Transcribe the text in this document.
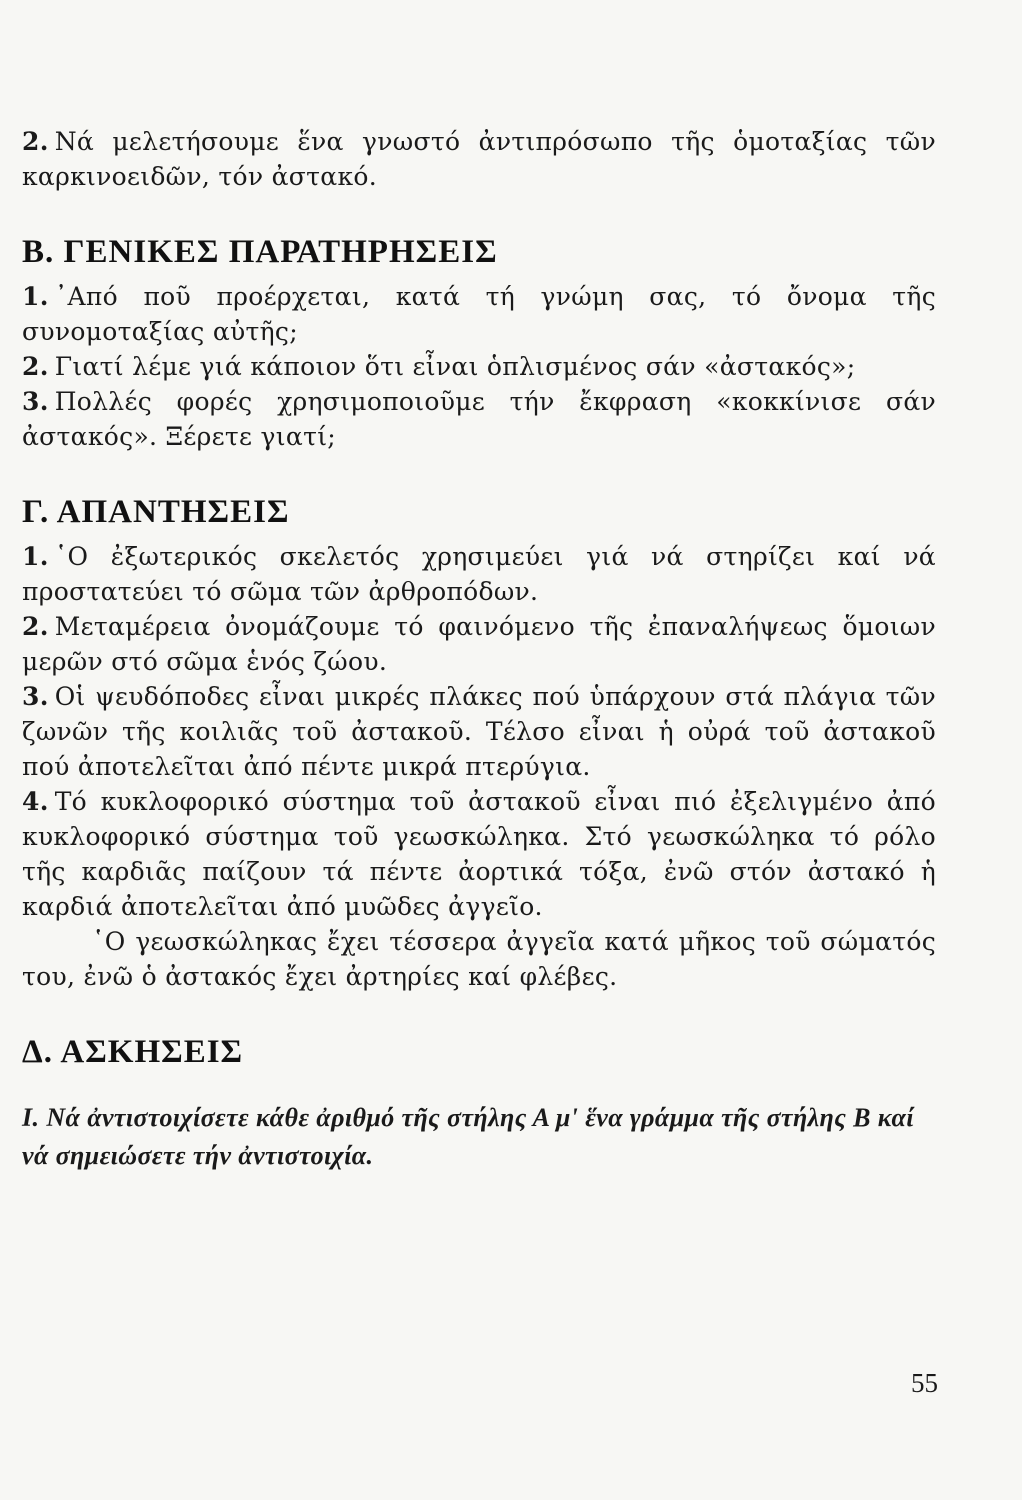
2. Νά μελετήσουμε ἕνα γνωστό ἀντιπρόσωπο τῆς ὁμοταξίας τῶν καρκινοειδῶν, τόν ἀστακό.

Β. ΓΕΝΙΚΕΣ ΠΑΡΑΤΗΡΗΣΕΙΣ

1. ᾿Από ποῦ προέρχεται, κατά τή γνώμη σας, τό ὄνομα τῆς συνομοταξίας αὐτῆς;

2. Γιατί λέμε γιά κάποιον ὅτι εἶναι ὁπλισμένος σάν «ἀστακός»;

3. Πολλές φορές χρησιμοποιοῦμε τήν ἔκφραση «κοκκίνισε σάν ἀστακός». Ξέρετε γιατί;

Γ. ΑΠΑΝΤΗΣΕΙΣ

1. ῾Ο ἐξωτερικός σκελετός χρησιμεύει γιά νά στηρίζει καί νά προστατεύει τό σῶμα τῶν ἀρθροπόδων.

2. Μεταμέρεια ὀνομάζουμε τό φαινόμενο τῆς ἐπαναλήψεως ὅμοιων μερῶν στό σῶμα ἑνός ζώου.

3. Οἱ ψευδόποδες εἶναι μικρές πλάκες πού ὑπάρχουν στά πλάγια τῶν ζωνῶν τῆς κοιλιᾶς τοῦ ἀστακοῦ. Τέλσο εἶναι ἡ οὐρά τοῦ ἀστακοῦ πού ἀποτελεῖται ἀπό πέντε μικρά πτερύγια.

4. Τό κυκλοφορικό σύστημα τοῦ ἀστακοῦ εἶναι πιό ἐξελιγμένο ἀπό κυκλοφορικό σύστημα τοῦ γεωσκώληκα. Στό γεωσκώληκα τό ρόλο τῆς καρδιᾶς παίζουν τά πέντε ἀορτικά τόξα, ἐνῶ στόν ἀστακό ἡ καρδιά ἀποτελεῖται ἀπό μυῶδες ἀγγεῖο.

῾Ο γεωσκώληκας ἔχει τέσσερα ἀγγεῖα κατά μῆκος τοῦ σώματός του, ἐνῶ ὁ ἀστακός ἔχει ἀρτηρίες καί φλέβες.

Δ. ΑΣΚΗΣΕΙΣ

Ι. Νά ἀντιστοιχίσετε κάθε ἀριθμό τῆς στήλης Α μ' ἕνα γράμμα τῆς στήλης Β καί νά σημειώσετε τήν ἀντιστοιχία.

55
